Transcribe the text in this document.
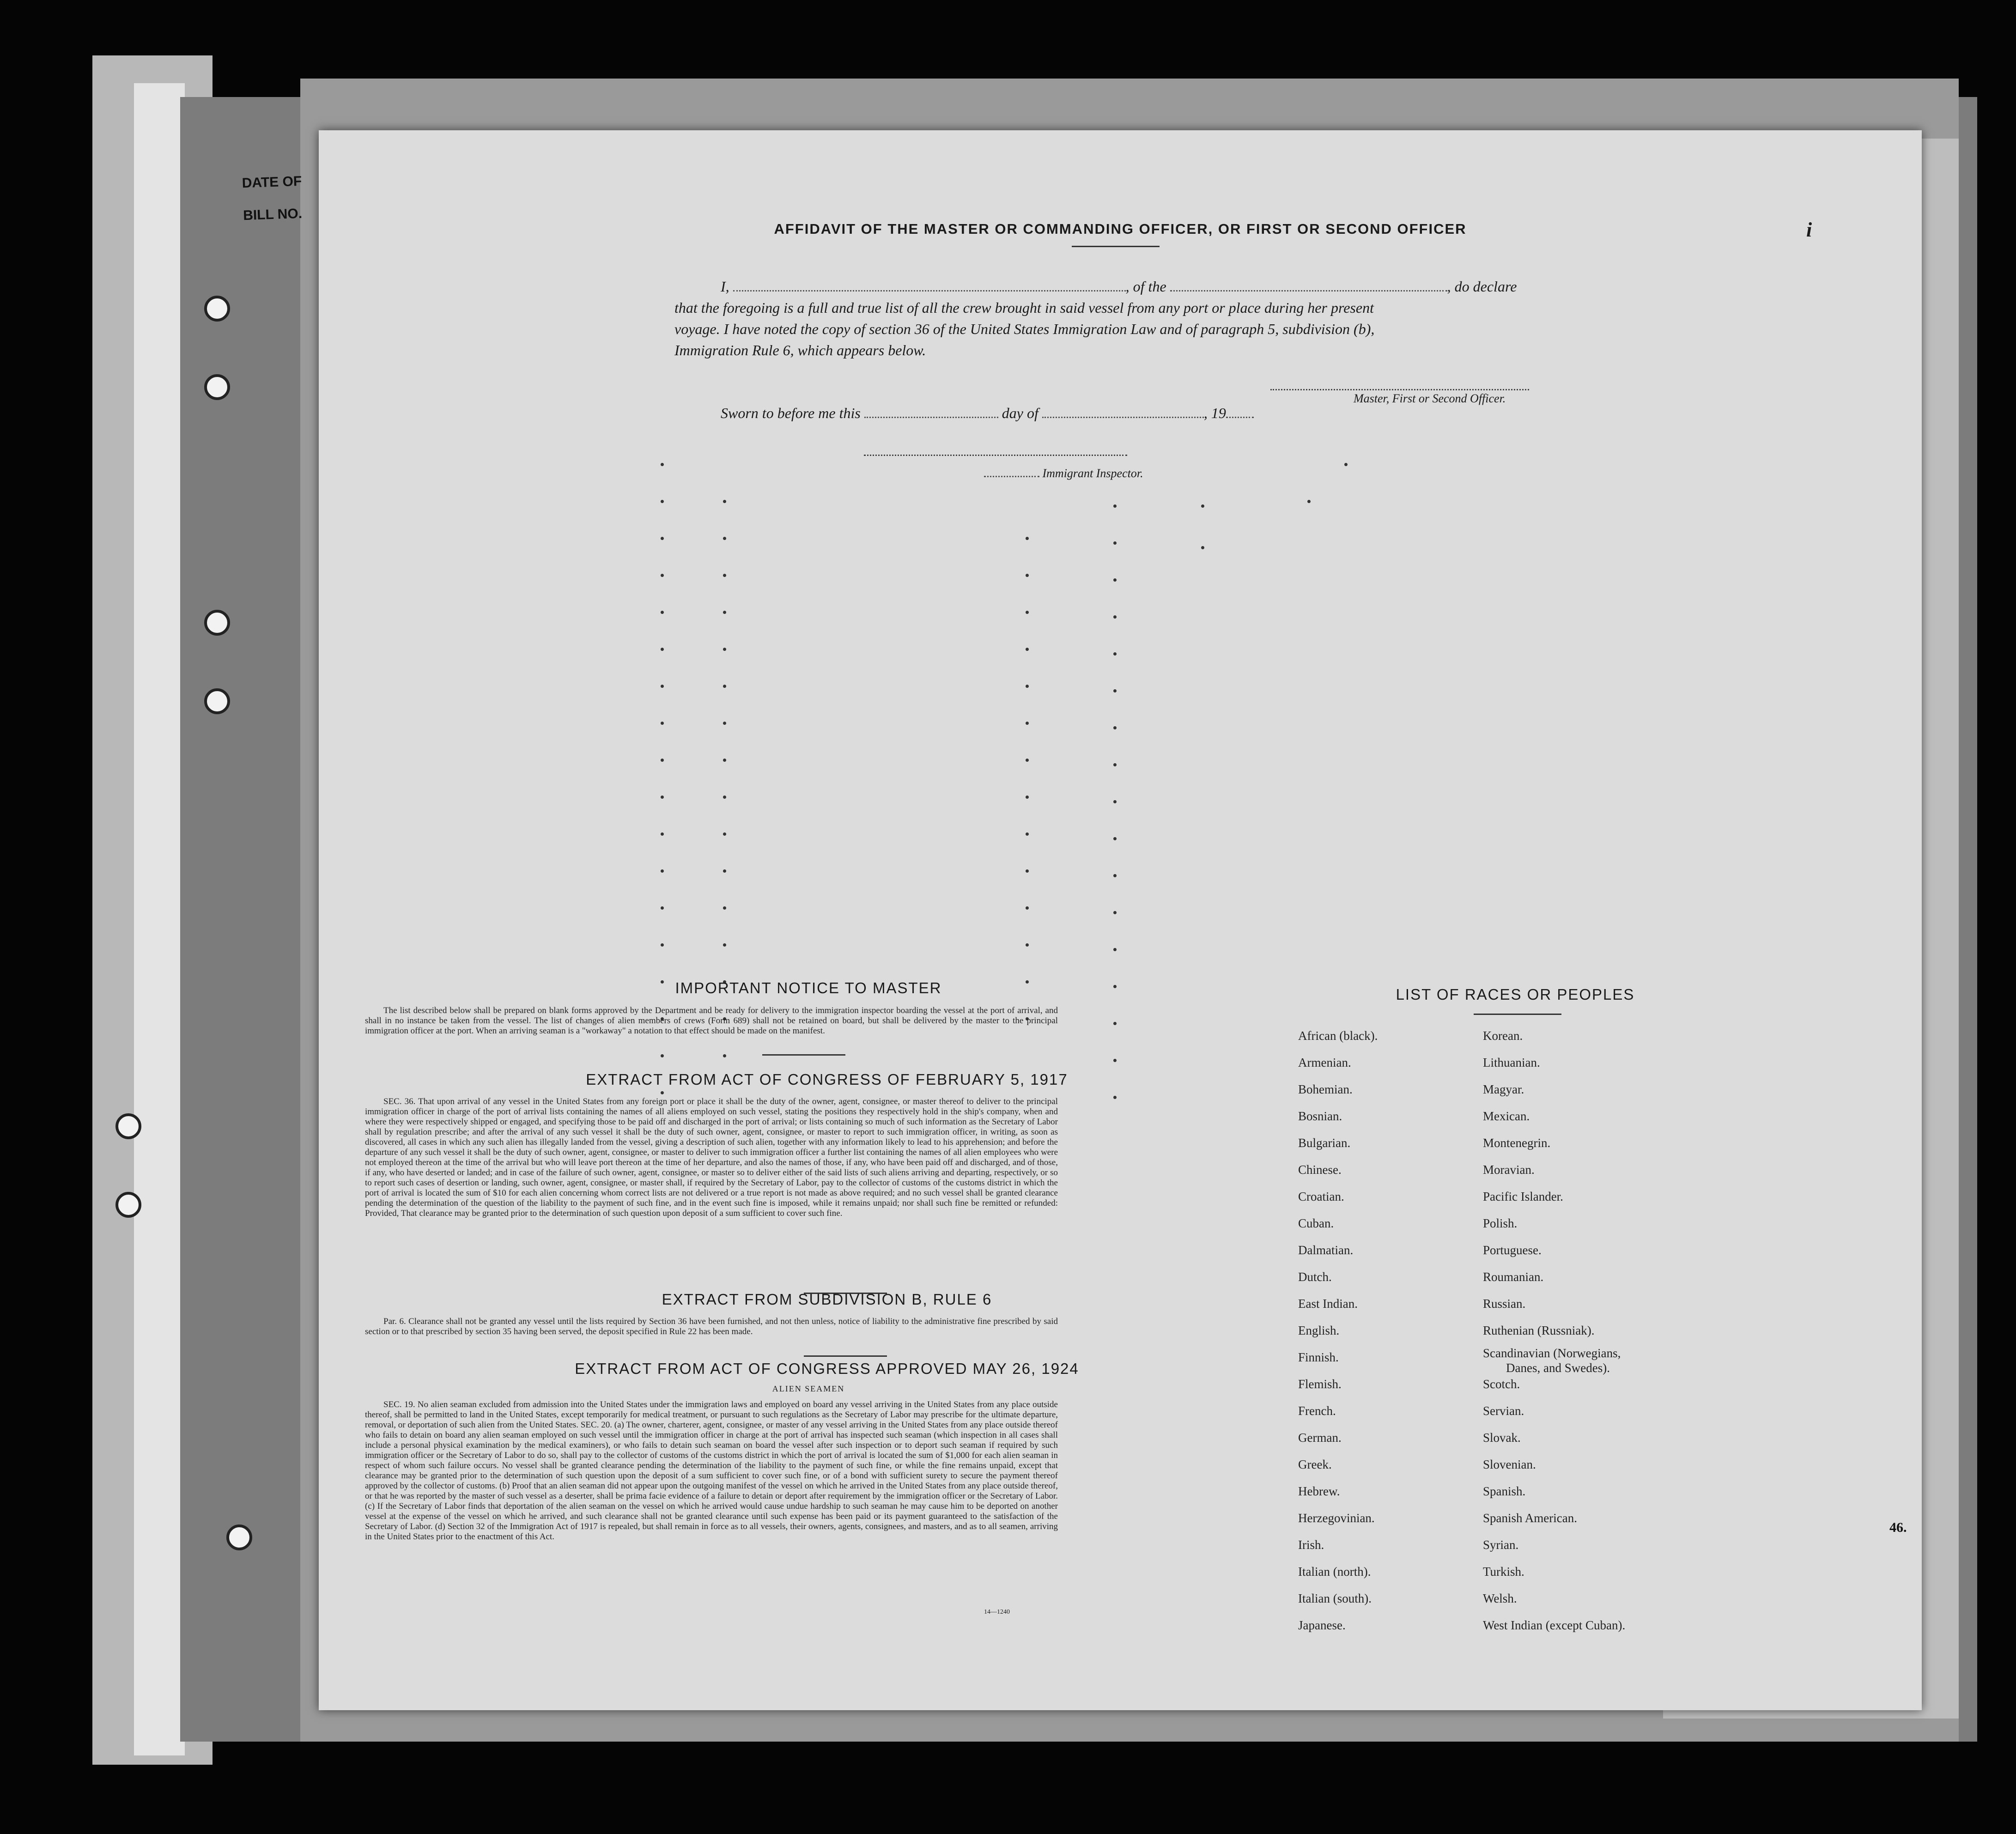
DATE OF
BILL NO.
i
AFFIDAVIT OF THE MASTER OR COMMANDING OFFICER, OR FIRST OR SECOND OFFICER
I,	, of the	, do declare
that the foregoing is a full and true list of all the crew brought in said vessel from any port or place during her present
voyage. I have noted the copy of section 36 of the United States Immigration Law and of paragraph 5, subdivision (b),
Immigration Rule 6, which appears below.
Master, First or Second Officer.
Sworn to before me this	day of	, 19
Immigrant Inspector.
IMPORTANT NOTICE TO MASTER
The list described below shall be prepared on blank forms approved by the Department and be ready for delivery to the immigration inspector boarding the vessel at the port of arrival, and shall in no instance be taken from the vessel. The list of changes of alien members of crews (Form 689) shall not be retained on board, but shall be delivered by the master to the principal immigration officer at the port. When an arriving seaman is a "workaway" a notation to that effect should be made on the manifest.
EXTRACT FROM ACT OF CONGRESS OF FEBRUARY 5, 1917
SEC. 36. That upon arrival of any vessel in the United States from any foreign port or place it shall be the duty of the owner, agent, consignee, or master thereof to deliver to the principal immigration officer in charge of the port of arrival lists containing the names of all aliens employed on such vessel, stating the positions they respectively hold in the ship's company, when and where they were respectively shipped or engaged, and specifying those to be paid off and discharged in the port of arrival; or lists containing so much of such information as the Secretary of Labor shall by regulation prescribe; and after the arrival of any such vessel it shall be the duty of such owner, agent, consignee, or master to report to such immigration officer, in writing, as soon as discovered, all cases in which any such alien has illegally landed from the vessel, giving a description of such alien, together with any information likely to lead to his apprehension; and before the departure of any such vessel it shall be the duty of such owner, agent, consignee, or master to deliver to such immigration officer a further list containing the names of all alien employees who were not employed thereon at the time of the arrival but who will leave port thereon at the time of her departure, and also the names of those, if any, who have been paid off and discharged, and of those, if any, who have deserted or landed; and in case of the failure of such owner, agent, consignee, or master so to deliver either of the said lists of such aliens arriving and departing, respectively, or so to report such cases of desertion or landing, such owner, agent, consignee, or master shall, if required by the Secretary of Labor, pay to the collector of customs of the customs district in which the port of arrival is located the sum of $10 for each alien concerning whom correct lists are not delivered or a true report is not made as above required; and no such vessel shall be granted clearance pending the determination of the question of the liability to the payment of such fine, and in the event such fine is imposed, while it remains unpaid; nor shall such fine be remitted or refunded: Provided, That clearance may be granted prior to the determination of such question upon deposit of a sum sufficient to cover such fine.
EXTRACT FROM SUBDIVISION B, RULE 6
Par. 6. Clearance shall not be granted any vessel until the lists required by Section 36 have been furnished, and not then unless, notice of liability to the administrative fine prescribed by said section or to that prescribed by section 35 having been served, the deposit specified in Rule 22 has been made.
EXTRACT FROM ACT OF CONGRESS APPROVED MAY 26, 1924
ALIEN SEAMEN
SEC. 19. No alien seaman excluded from admission into the United States under the immigration laws and employed on board any vessel arriving in the United States from any place outside thereof, shall be permitted to land in the United States, except temporarily for medical treatment, or pursuant to such regulations as the Secretary of Labor may prescribe for the ultimate departure, removal, or deportation of such alien from the United States. SEC. 20. (a) The owner, charterer, agent, consignee, or master of any vessel arriving in the United States from any place outside thereof who fails to detain on board any alien seaman employed on such vessel until the immigration officer in charge at the port of arrival has inspected such seaman (which inspection in all cases shall include a personal physical examination by the medical examiners), or who fails to detain such seaman on board the vessel after such inspection or to deport such seaman if required by such immigration officer or the Secretary of Labor to do so, shall pay to the collector of customs of the customs district in which the port of arrival is located the sum of $1,000 for each alien seaman in respect of whom such failure occurs. No vessel shall be granted clearance pending the determination of the liability to the payment of such fine, or while the fine remains unpaid, except that clearance may be granted prior to the determination of such question upon the deposit of a sum sufficient to cover such fine, or of a bond with sufficient surety to secure the payment thereof approved by the collector of customs. (b) Proof that an alien seaman did not appear upon the outgoing manifest of the vessel on which he arrived in the United States from any place outside thereof, or that he was reported by the master of such vessel as a deserter, shall be prima facie evidence of a failure to detain or deport after requirement by the immigration officer or the Secretary of Labor. (c) If the Secretary of Labor finds that deportation of the alien seaman on the vessel on which he arrived would cause undue hardship to such seaman he may cause him to be deported on another vessel at the expense of the vessel on which he arrived, and such clearance shall not be granted clearance until such expense has been paid or its payment guaranteed to the satisfaction of the Secretary of Labor. (d) Section 32 of the Immigration Act of 1917 is repealed, but shall remain in force as to all vessels, their owners, agents, consignees, and masters, and as to all seamen, arriving in the United States prior to the enactment of this Act.
14—1240
LIST OF RACES OR PEOPLES
African (black).
Armenian.
Bohemian.
Bosnian.
Bulgarian.
Chinese.
Croatian.
Cuban.
Dalmatian.
Dutch.
East Indian.
English.
Finnish.
Flemish.
French.
German.
Greek.
Hebrew.
Herzegovinian.
Irish.
Italian (north).
Italian (south).
Japanese.
Korean.
Lithuanian.
Magyar.
Mexican.
Montenegrin.
Moravian.
Pacific Islander.
Polish.
Portuguese.
Roumanian.
Russian.
Ruthenian (Russniak).
Scandinavian (Norwegians,
Danes, and Swedes).
Scotch.
Servian.
Slovak.
Slovenian.
Spanish.
Spanish American.
Syrian.
Turkish.
Welsh.
West Indian (except Cuban).
46.
